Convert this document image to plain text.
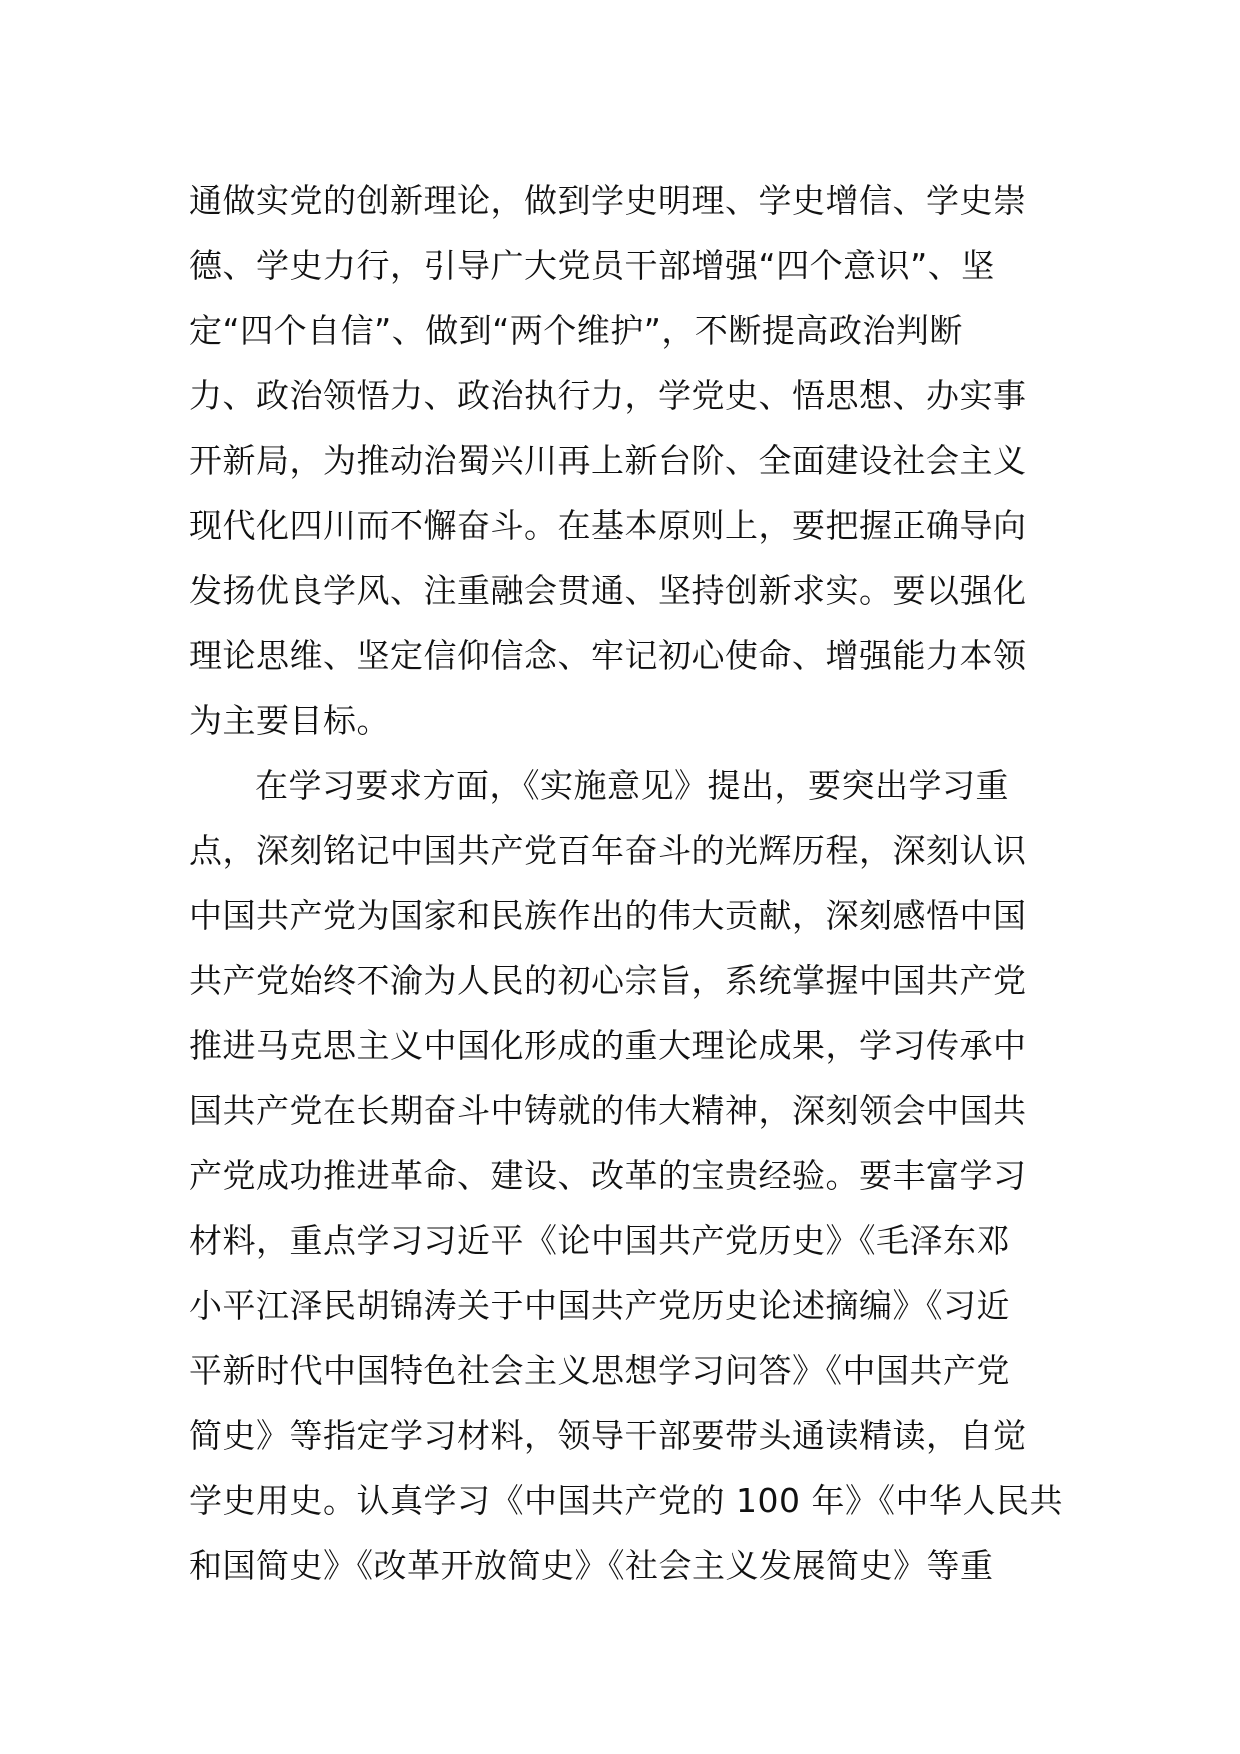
通做实党的创新理论，做到学史明理、学史增信、学史崇
德、学史力行，引导广大党员干部增强“四个意识”、坚
定“四个自信”、做到“两个维护”，不断提高政治判断
力、政治领悟力、政治执行力，学党史、悟思想、办实事
开新局，为推动治蜀兴川再上新台阶、全面建设社会主义
现代化四川而不懈奋斗。在基本原则上，要把握正确导向
发扬优良学风、注重融会贯通、坚持创新求实。要以强化
理论思维、坚定信仰信念、牢记初心使命、增强能力本领
为主要目标。
在学习要求方面，《实施意见》提出，要突出学习重
点，深刻铭记中国共产党百年奋斗的光辉历程，深刻认识
中国共产党为国家和民族作出的伟大贡献，深刻感悟中国
共产党始终不渝为人民的初心宗旨，系统掌握中国共产党
推进马克思主义中国化形成的重大理论成果，学习传承中
国共产党在长期奋斗中铸就的伟大精神，深刻领会中国共
产党成功推进革命、建设、改革的宝贵经验。要丰富学习
材料，重点学习习近平《论中国共产党历史》《毛泽东邓
小平江泽民胡锦涛关于中国共产党历史论述摘编》《习近
平新时代中国特色社会主义思想学习问答》《中国共产党
简史》等指定学习材料，领导干部要带头通读精读，自觉
学史用史。认真学习《中国共产党的 100 年》《中华人民共
和国简史》《改革开放简史》《社会主义发展简史》等重
